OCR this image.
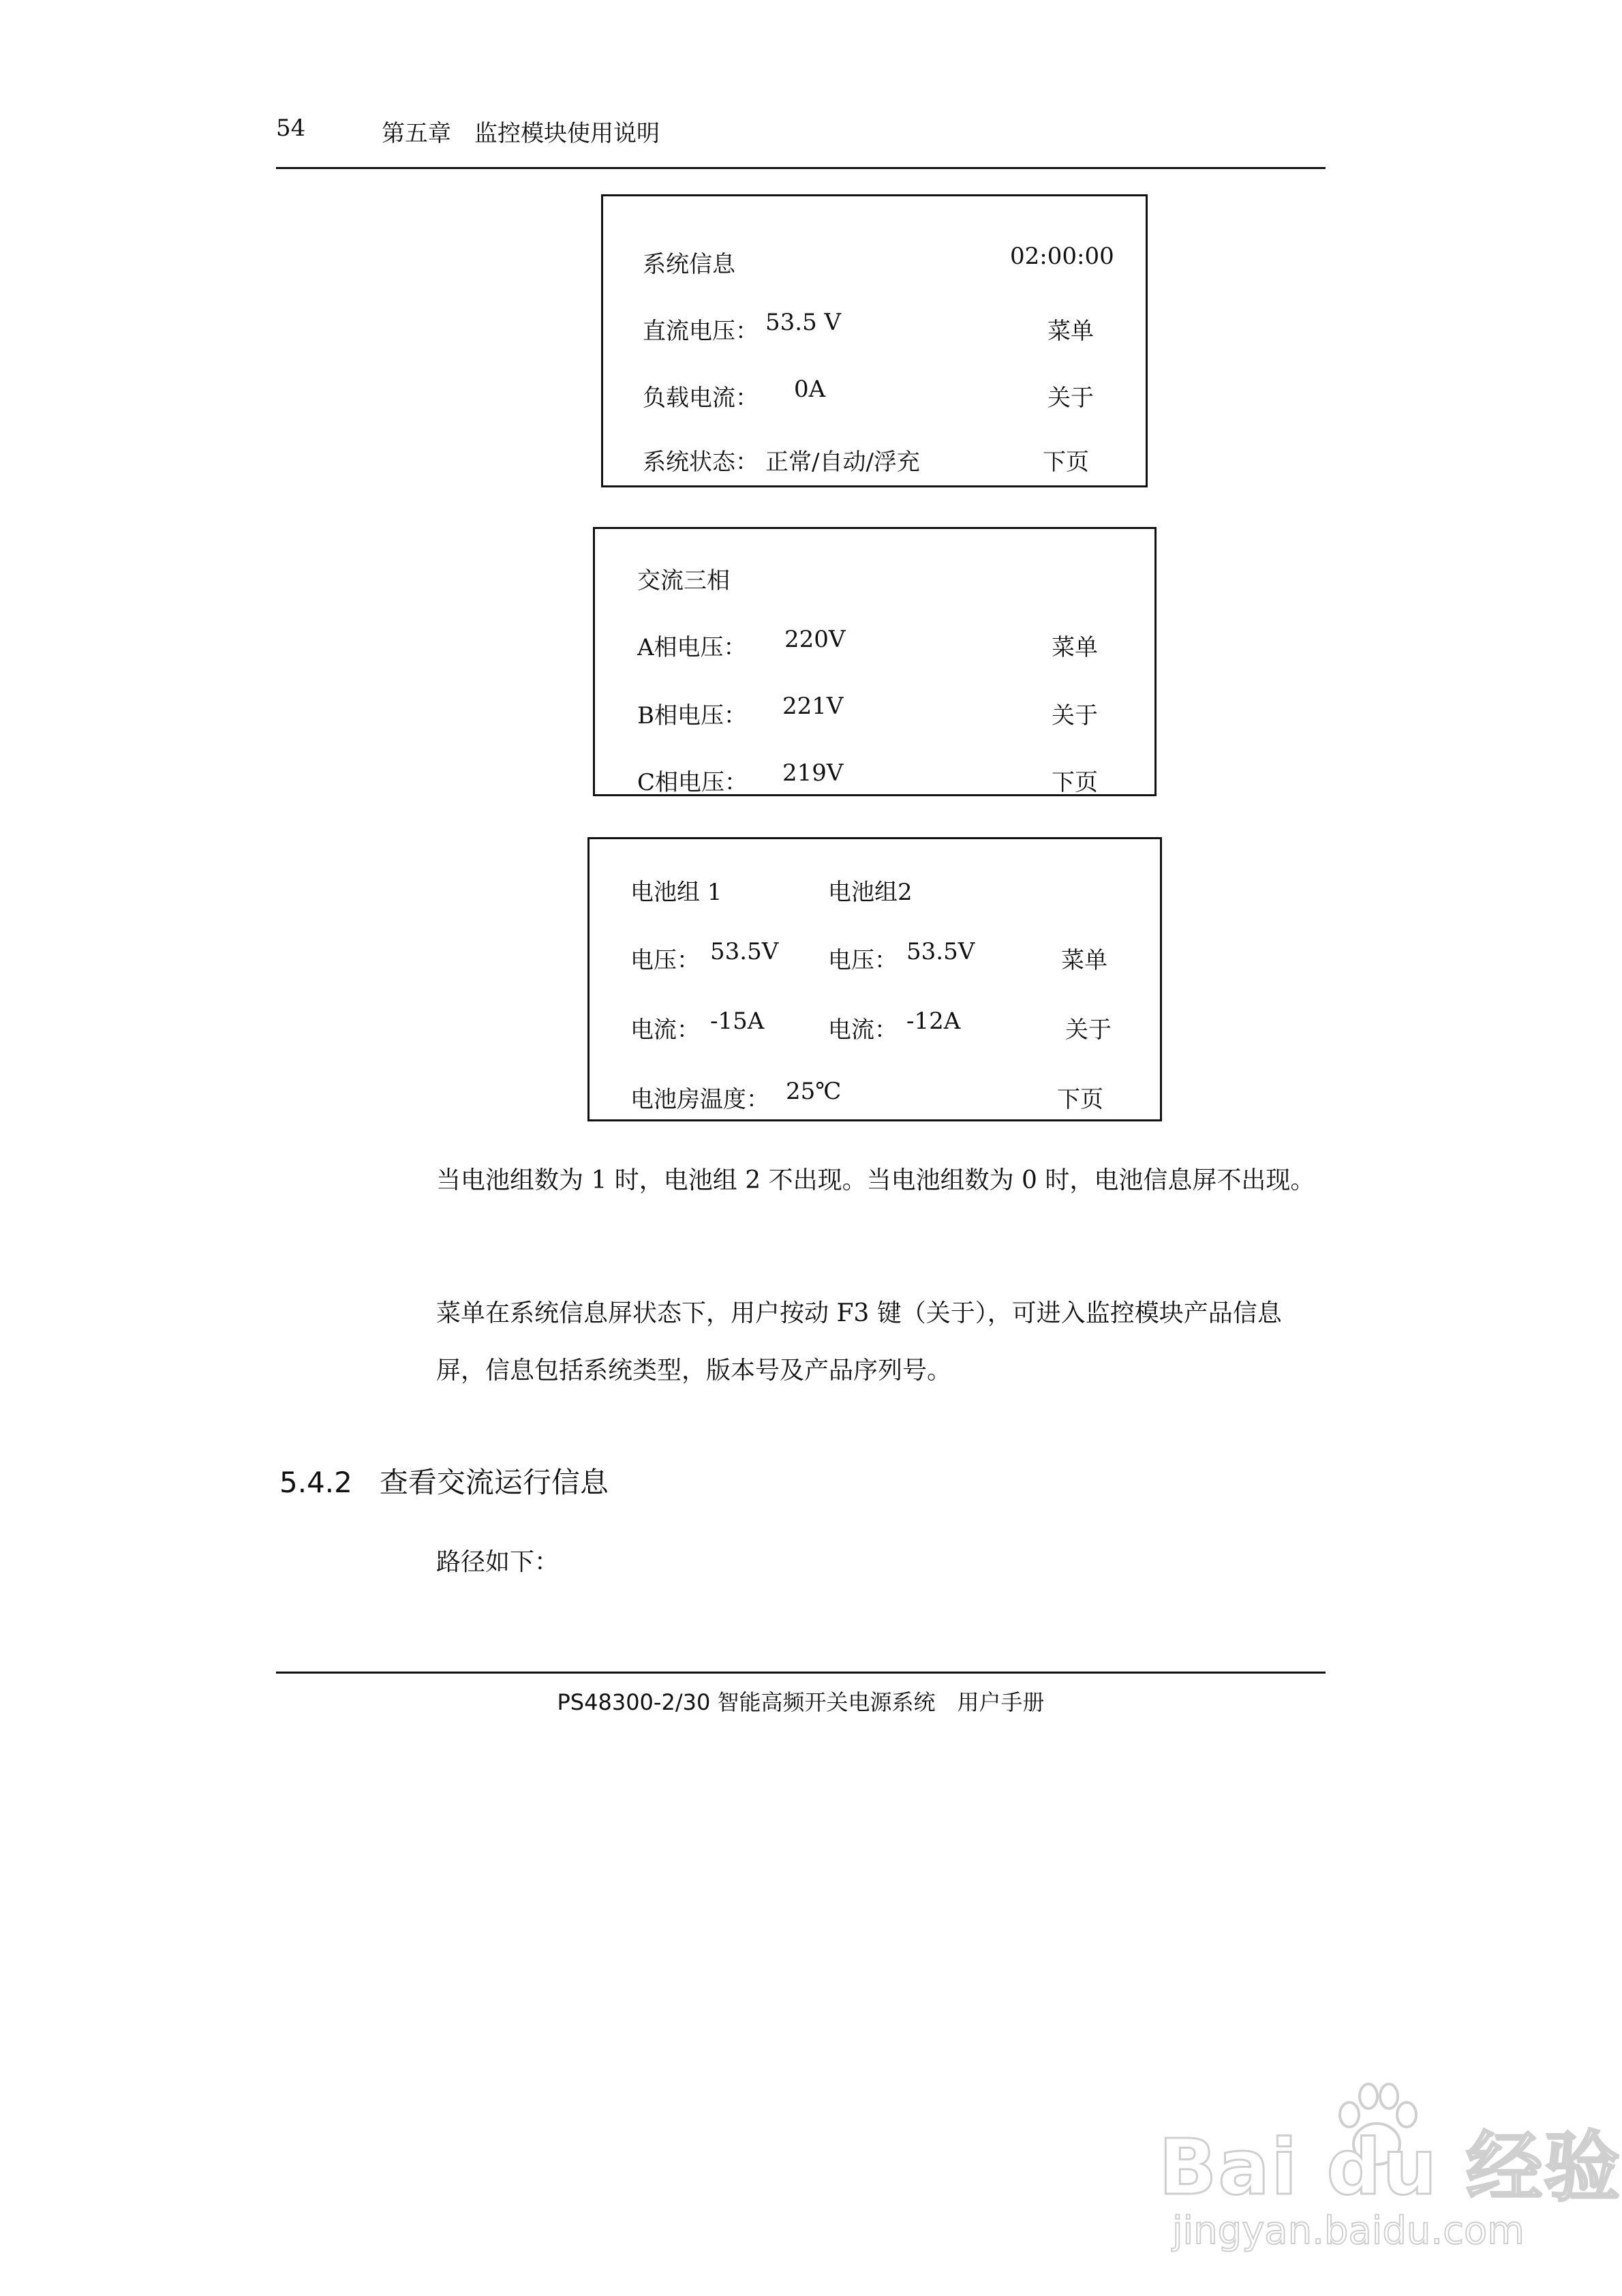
54	第五章　监控模块使用说明
系统信息	02:00:00
直流电压： 53.5 V	菜单
负载电流： 0A	关于
系统状态： 正常/自动/浮充	下页
交流三相
A相电压： 220V	菜单
B相电压： 221V	关于
C相电压： 219V	下页
电池组 1	电池组2
电压： 53.5V 电压： 53.5V	菜单
电流： -15A	电流： -12A	关于
电池房温度： 25℃	下页

当电池组数为 1 时，电池组 2 不出现。当电池组数为 0 时，电池信息屏不出现。

菜单在系统信息屏状态下，用户按动 F3 键（关于），可进入监控模块产品信息屏，信息包括系统类型，版本号及产品序列号。

5.4.2 查看交流运行信息

路径如下：

PS48300-2/30 智能高频开关电源系统　用户手册
Bai du 经验
jingyan.baidu.com
